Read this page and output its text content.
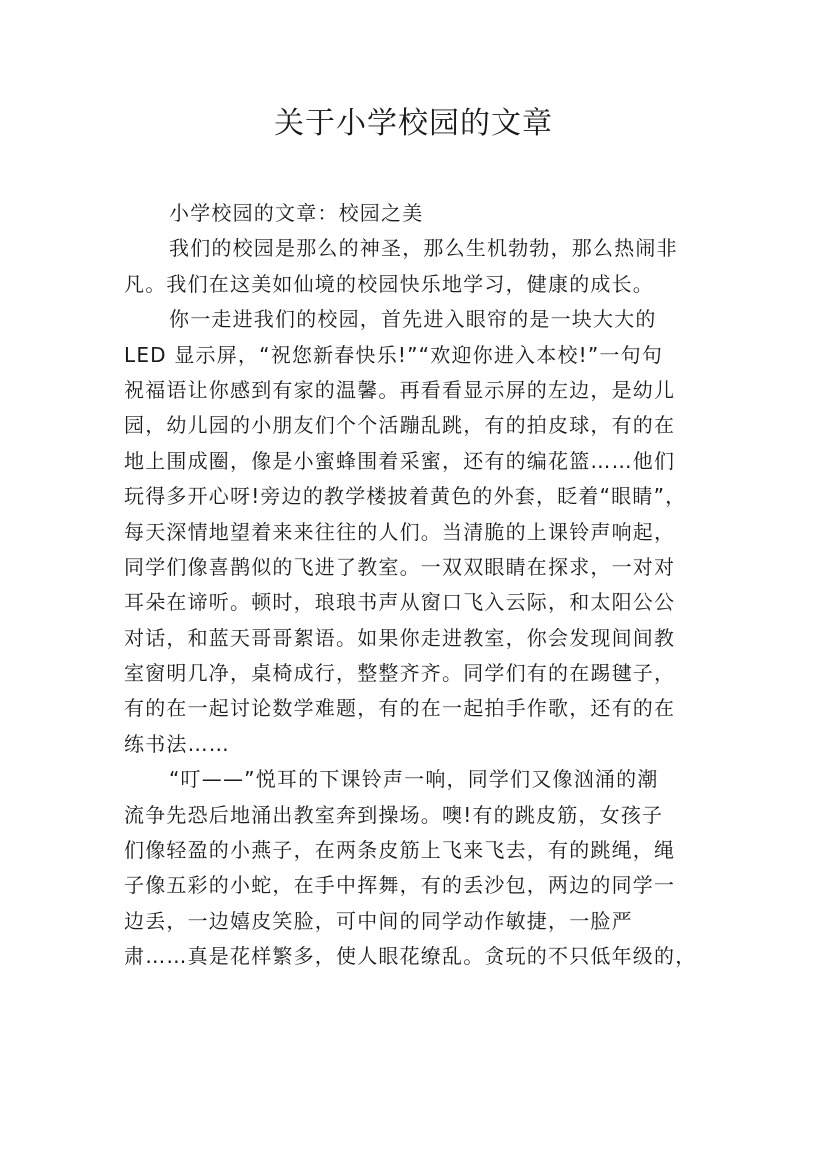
关于小学校园的文章
小学校园的文章：校园之美
我们的校园是那么的神圣，那么生机勃勃，那么热闹非
凡。我们在这美如仙境的校园快乐地学习，健康的成长。
你一走进我们的校园，首先进入眼帘的是一块大大的
LED 显示屏，“祝您新春快乐!”“欢迎你进入本校!”一句句
祝福语让你感到有家的温馨。再看看显示屏的左边，是幼儿
园，幼儿园的小朋友们个个活蹦乱跳，有的拍皮球，有的在
地上围成圈，像是小蜜蜂围着采蜜，还有的编花篮……他们
玩得多开心呀!旁边的教学楼披着黄色的外套，眨着“眼睛”，
每天深情地望着来来往往的人们。当清脆的上课铃声响起，
同学们像喜鹊似的飞进了教室。一双双眼睛在探求，一对对
耳朵在谛听。顿时，琅琅书声从窗口飞入云际，和太阳公公
对话，和蓝天哥哥絮语。如果你走进教室，你会发现间间教
室窗明几净，桌椅成行，整整齐齐。同学们有的在踢毽子，
有的在一起讨论数学难题，有的在一起拍手作歌，还有的在
练书法……
“叮——”悦耳的下课铃声一响，同学们又像汹涌的潮
流争先恐后地涌出教室奔到操场。噢!有的跳皮筋，女孩子
们像轻盈的小燕子，在两条皮筋上飞来飞去，有的跳绳，绳
子像五彩的小蛇，在手中挥舞，有的丢沙包，两边的同学一
边丢，一边嬉皮笑脸，可中间的同学动作敏捷，一脸严
肃……真是花样繁多，使人眼花缭乱。贪玩的不只低年级的，
